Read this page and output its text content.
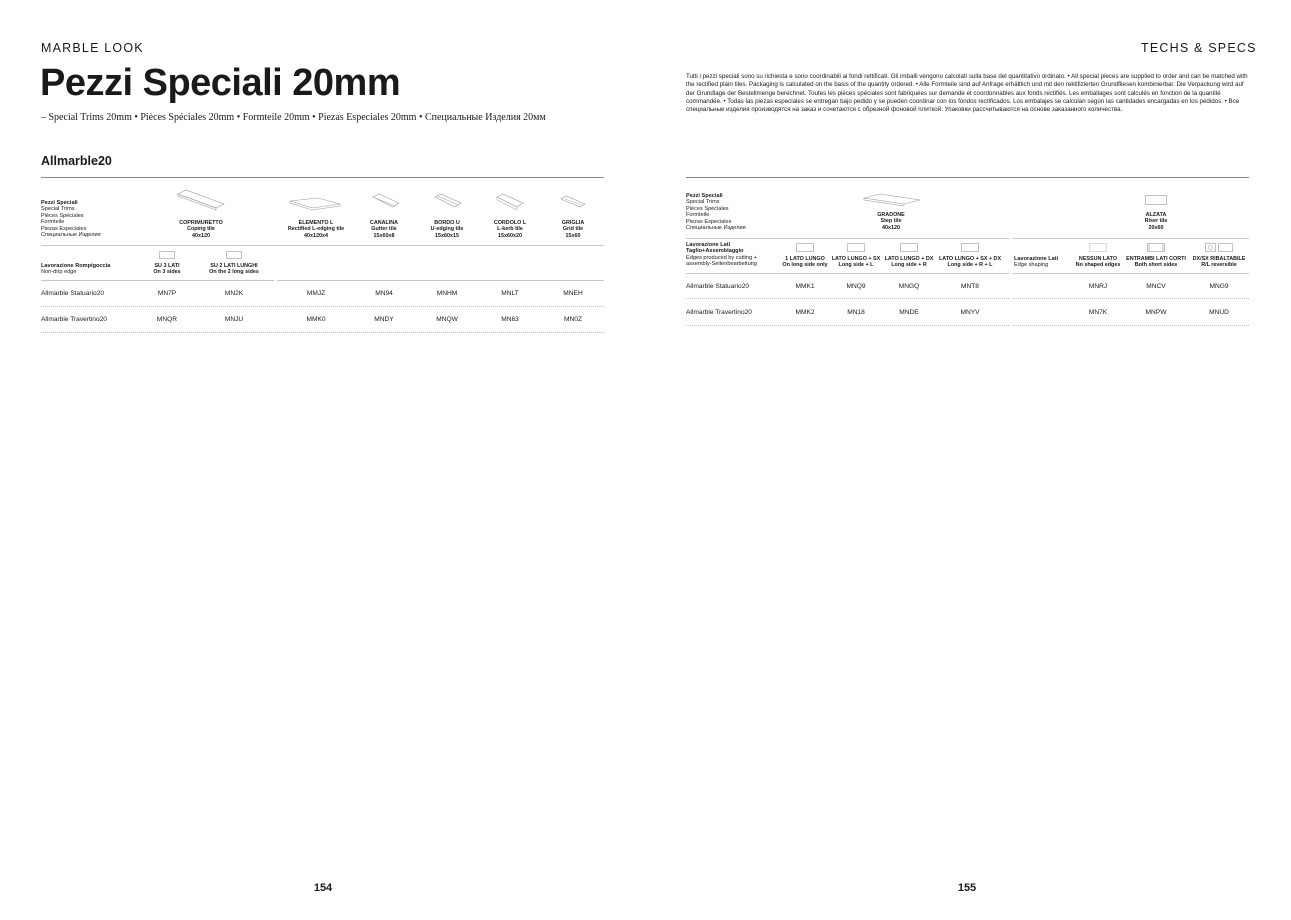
MARBLE LOOK
Pezzi Speciali 20mm
– Special Trims 20mm • Pièces Spéciales 20mm • Formteile 20mm • Piezas Especiales 20mm • Специальные Изделия 20мм
Allmarble20
Pezzi Speciali
Special Trims
Pièces Spéciales
Formteile
Piezas Especiales
Специальные Изделия
COPRIMURETTO
Coping tile
40x120
ELEMENTO L
Rectified L-edging tile
40x120x4
CANALINA
Gutter tile
15x60x8
BORDO U
U-edging tile
15x60x15
CORDOLO L
L-kerb tile
15x60x20
GRIGLIA
Grid tile
15x60
Lavorazione Rompigoccia
Non-drip edge
SU 3 LATI
On 3 sides
SU 2 LATI LUNGHI
On the 2 long sides
Allmarble Statuario20	MN7P	MN2K	MMJZ	MN94	MNHM	MNLT	MNEH
Allmarble Travertino20	MNQR	MNJU	MMK0	MNDY	MNQW	MN63	MN0Z
154
TECHS & SPECS
Tutti i pezzi speciali sono su richiesta e sono coordinabili ai fondi rettificati. Gli imballi vengono calcolati sulla base del quantitativo ordinato. • All special pieces are supplied to order and can be matched with the rectified plain tiles. Packaging is calculated on the basis of the quantity ordered. • Alle Formteile sind auf Anfrage erhältlich und mit den rektifizierten Grundfliesen kombinierbar. Die Verpackung wird auf der Grundlage der Bestellmenge berechnet. Toutes les pièces spéciales sont fabriquées sur demande et coordonnables aux fonds rectifiés. Les emballages sont calculés en fonction de la quantité commandée. • Todas las piezas especiales se entregan bajo pedido y se pueden coordinar con los fondos rectificados. Los embalajes se calculan según las cantidades encargadas en los pedidos. • Все специальные изделия производятся на заказ и сочетаются с обрезной фоновой плиткой. Упаковки рассчитываются на основе заказанного количества.
Pezzi Speciali
Special Trims
Pièces Spéciales
Formteile
Piezas Especiales
Специальные Изделия
GRADONE
Step tile
40x120
ALZATA
Riser tile
20x60
Lavorazione Lati
Taglio+Assemblaggio
Edges produced by cutting +
assembly-Seitenbearbeitung
1 LATO LUNGO
On long side only
LATO LUNGO + SX
Long side + L
LATO LUNGO + DX
Long side + R
LATO LUNGO + SX + DX
Long side + R + L
Lavorazione Lati
Edge shaping
NESSUN LATO
No shaped edges
ENTRAMBI LATI CORTI
Both short sides
DX/SX RIBALTABILE
R/L reversible
Allmarble Statuario20	MMK1	MNQ9	MNGQ	MNT8	MNRJ	MNCV	MNG9
Allmarble Travertino20	MMK2	MN18	MNDE	MNYV	MN7K	MNPW	MNUD
155
